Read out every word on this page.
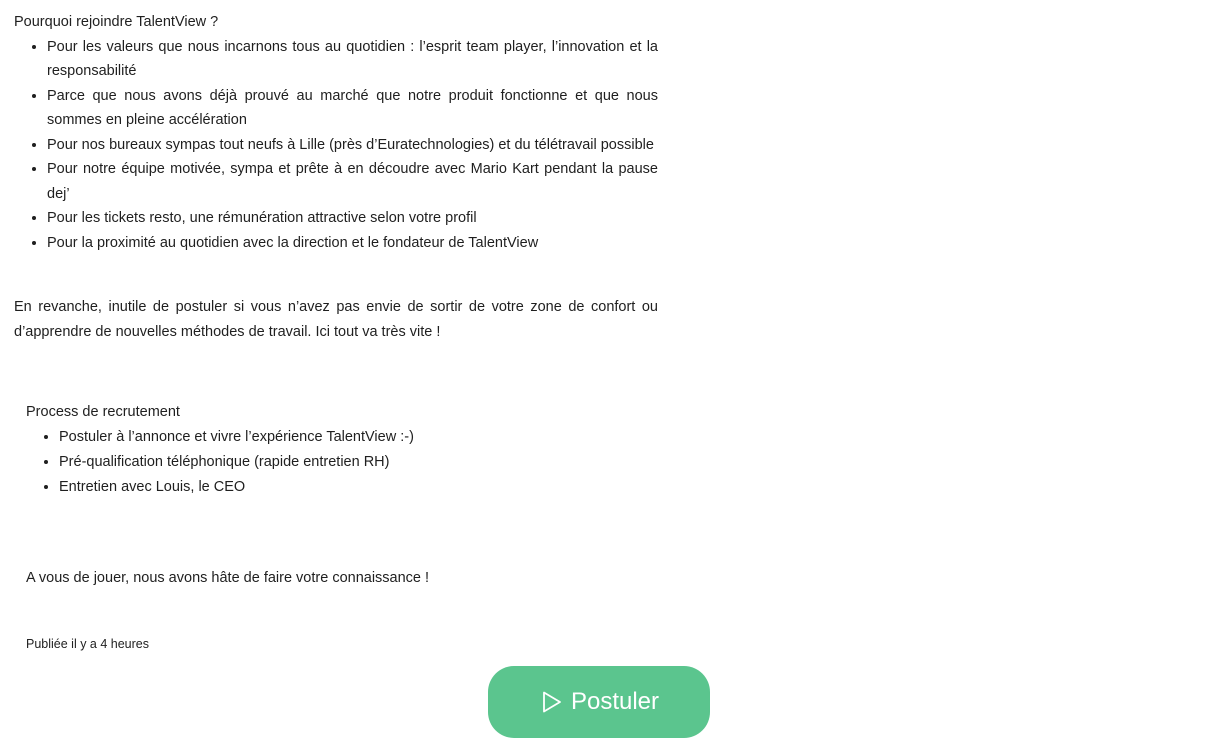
Pourquoi rejoindre TalentView ?

• Pour les valeurs que nous incarnons tous au quotidien : l’esprit team player, l’innovation et la responsabilité
• Parce que nous avons déjà prouvé au marché que notre produit fonctionne et que nous sommes en pleine accélération
• Pour nos bureaux sympas tout neufs à Lille (près d’Euratechnologies) et du télétravail possible
• Pour notre équipe motivée, sympa et prête à en découdre avec Mario Kart pendant la pause dej’
• Pour les tickets resto, une rémunération attractive selon votre profil
• Pour la proximité au quotidien avec la direction et le fondateur de TalentView

En revanche, inutile de postuler si vous n’avez pas envie de sortir de votre zone de confort ou d’apprendre de nouvelles méthodes de travail. Ici tout va très vite !

Process de recrutement

• Postuler à l’annonce et vivre l’expérience TalentView :-)
• Pré-qualification téléphonique (rapide entretien RH)
• Entretien avec Louis, le CEO
A vous de jouer, nous avons hâte de faire votre connaissance !
Publiée il y a 4 heures
Postuler
